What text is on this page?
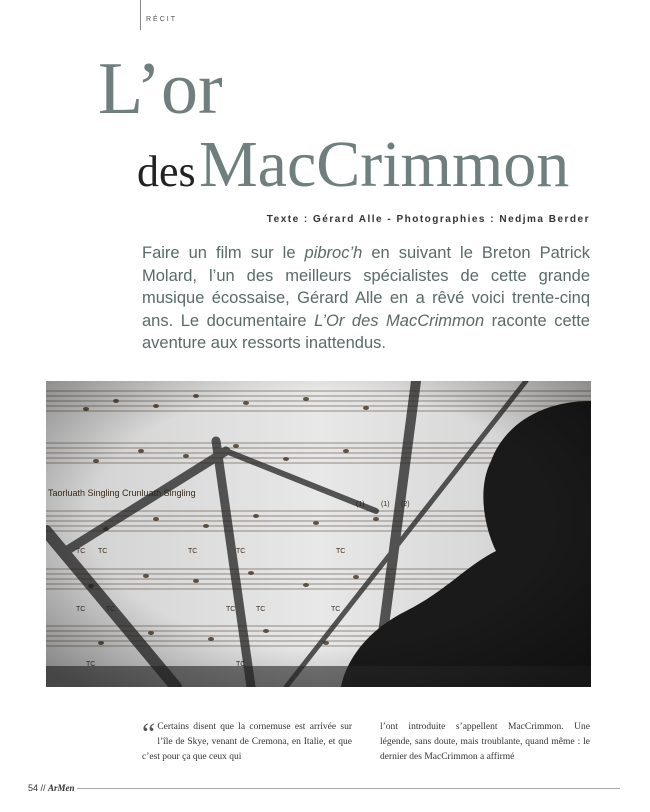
RÉCIT
L’or
des MacCrimmon
Texte : Gérard Alle - Photographies : Nedjma Berder
Faire un film sur le pibroc’h en suivant le Breton Patrick Molard, l’un des meilleurs spécialistes de cette grande musique écossaise, Gérard Alle en a rêvé voici trente-cinq ans. Le documentaire L’Or des MacCrimmon raconte cette aventure aux ressorts inattendus.
“ Certains disent que la cornemuse est arrivée sur l’île de Skye, venant de Cremona, en Italie, et que c’est pour ça que ceux qui
l’ont introduite s’appellent MacCrimmon. Une légende, sans doute, mais troublante, quand même : le dernier des MacCrimmon a affirmé
54 // ArMen
